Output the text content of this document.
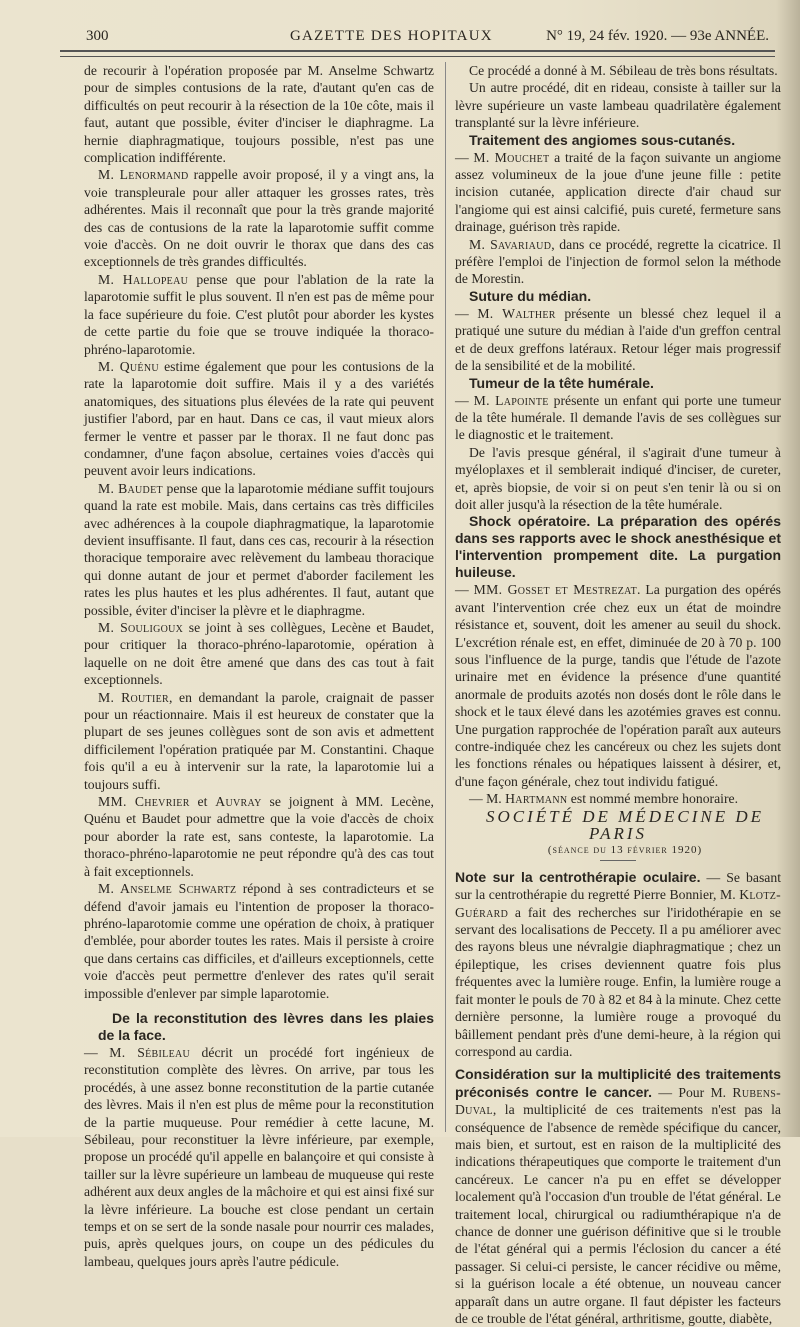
300	GAZETTE DES HOPITAUX	N° 19, 24 fév. 1920. — 93e ANNÉE.

de recourir à l'opération proposée par M. Anselme Schwartz pour de simples contusions de la rate, d'autant qu'en cas de difficultés on peut recourir à la résection de la 10e côte, mais il faut, autant que possible, éviter d'inciser le diaphragme. La hernie diaphragmatique, toujours possible, n'est pas une complication indifférente.

M. Lenormand rappelle avoir proposé, il y a vingt ans, la voie transpleurale pour aller attaquer les grosses rates, très adhérentes. Mais il reconnaît que pour la très grande majorité des cas de contusions de la rate la laparotomie suffit comme voie d'accès. On ne doit ouvrir le thorax que dans des cas exceptionnels de très grandes difficultés.

M. Hallopeau pense que pour l'ablation de la rate la laparotomie suffit le plus souvent. Il n'en est pas de même pour la face supérieure du foie. C'est plutôt pour aborder les kystes de cette partie du foie que se trouve indiquée la thoraco-phréno-laparotomie.

M. Quénu estime également que pour les contusions de la rate la laparotomie doit suffire. Mais il y a des variétés anatomiques, des situations plus élevées de la rate qui peuvent justifier l'abord, par en haut. Dans ce cas, il vaut mieux alors fermer le ventre et passer par le thorax. Il ne faut donc pas condamner, d'une façon absolue, certaines voies d'accès qui peuvent avoir leurs indications.

M. Baudet pense que la laparotomie médiane suffit toujours quand la rate est mobile. Mais, dans certains cas très difficiles avec adhérences à la coupole diaphragmatique, la laparotomie devient insuffisante. Il faut, dans ces cas, recourir à la résection thoracique temporaire avec relèvement du lambeau thoracique qui donne autant de jour et permet d'aborder facilement les rates les plus hautes et les plus adhérentes. Il faut, autant que possible, éviter d'inciser la plèvre et le diaphragme.

M. Souligoux se joint à ses collègues, Lecène et Baudet, pour critiquer la thoraco-phréno-laparotomie, opération à laquelle on ne doit être amené que dans des cas tout à fait exceptionnels.

M. Routier, en demandant la parole, craignait de passer pour un réactionnaire. Mais il est heureux de constater que la plupart de ses jeunes collègues sont de son avis et admettent difficilement l'opération pratiquée par M. Constantini. Chaque fois qu'il a eu à intervenir sur la rate, la laparotomie lui a toujours suffi.

MM. Chevrier et Auvray se joignent à MM. Lecène, Quénu et Baudet pour admettre que la voie d'accès de choix pour aborder la rate est, sans conteste, la laparotomie. La thoraco-phréno-laparotomie ne peut répondre qu'à des cas tout à fait exceptionnels.

M. Anselme Schwartz répond à ses contradicteurs et se défend d'avoir jamais eu l'intention de proposer la thoraco-phréno-laparotomie comme une opération de choix, à pratiquer d'emblée, pour aborder toutes les rates. Mais il persiste à croire que dans certains cas difficiles, et d'ailleurs exceptionnels, cette voie d'accès peut permettre d'enlever des rates qu'il serait impossible d'enlever par simple laparotomie.

De la reconstitution des lèvres dans les plaies de la face.

— M. Sébileau décrit un procédé fort ingénieux de reconstitution complète des lèvres. On arrive, par tous les procédés, à une assez bonne reconstitution de la partie cutanée des lèvres. Mais il n'en est plus de même pour la reconstitution de la partie muqueuse. Pour remédier à cette lacune, M. Sébileau, pour reconstituer la lèvre inférieure, par exemple, propose un procédé qu'il appelle en balançoire et qui consiste à tailler sur la lèvre supérieure un lambeau de muqueuse qui reste adhérent aux deux angles de la mâchoire et qui est ainsi fixé sur la lèvre inférieure. La bouche est close pendant un certain temps et on se sert de la sonde nasale pour nourrir ces malades, puis, après quelques jours, on coupe un des pédicules du lambeau, quelques jours après l'autre pédicule.

Ce procédé a donné à M. Sébileau de très bons résultats.

Un autre procédé, dit en rideau, consiste à tailler sur la lèvre supérieure un vaste lambeau quadrilatère également transplanté sur la lèvre inférieure.

Traitement des angiomes sous-cutanés.

— M. Mouchet a traité de la façon suivante un angiome assez volumineux de la joue d'une jeune fille : petite incision cutanée, application directe d'air chaud sur l'angiome qui est ainsi calcifié, puis cureté, fermeture sans drainage, guérison très rapide.

M. Savariaud, dans ce procédé, regrette la cicatrice. Il préfère l'emploi de l'injection de formol selon la méthode de Morestin.

Suture du médian.

— M. Walther présente un blessé chez lequel il a pratiqué une suture du médian à l'aide d'un greffon central et de deux greffons latéraux. Retour léger mais progressif de la sensibilité et de la mobilité.

Tumeur de la tête humérale.

— M. Lapointe présente un enfant qui porte une tumeur de la tête humérale. Il demande l'avis de ses collègues sur le diagnostic et le traitement.

De l'avis presque général, il s'agirait d'une tumeur à myéloplaxes et il semblerait indiqué d'inciser, de cureter, et, après biopsie, de voir si on peut s'en tenir là ou si on doit aller jusqu'à la résection de la tête humérale.

Shock opératoire. La préparation des opérés dans ses rapports avec le shock anesthésique et l'intervention prompement dite. La purgation huileuse.

— MM. Gosset et Mestrezat. La purgation des opérés avant l'intervention crée chez eux un état de moindre résistance et, souvent, doit les amener au seuil du shock. L'excrétion rénale est, en effet, diminuée de 20 à 70 p. 100 sous l'influence de la purge, tandis que l'étude de l'azote urinaire met en évidence la présence d'une quantité anormale de produits azotés non dosés dont le rôle dans le shock et le taux élevé dans les azotémies graves est connu. Une purgation rapprochée de l'opération paraît aux auteurs contre-indiquée chez les cancéreux ou chez les sujets dont les fonctions rénales ou hépatiques laissent à désirer, et, d'une façon générale, chez tout individu fatigué.

— M. Hartmann est nommé membre honoraire.

SOCIÉTÉ DE MÉDECINE DE PARIS

(séance du 13 février 1920)

Note sur la centrothérapie oculaire.

— Se basant sur la centrothérapie du regretté Pierre Bonnier, M. Klotz-Guérard a fait des recherches sur l'iridothérapie en se servant des localisations de Peccety. Il a pu améliorer avec des rayons bleus une névralgie diaphragmatique ; chez un épileptique, les crises deviennent quatre fois plus fréquentes avec la lumière rouge. Enfin, la lumière rouge a fait monter le pouls de 70 à 82 et 84 à la minute. Chez cette dernière personne, la lumière rouge a provoqué du bâillement pendant près d'une demi-heure, à la région qui correspond au cardia.

Considération sur la multiplicité des traitements préconisés contre le cancer.

— Pour M. Rubens-Duval, la multiplicité de ces traitements n'est pas la conséquence de l'absence de remède spécifique du cancer, mais bien, et surtout, est en raison de la multiplicité des indications thérapeutiques que comporte le traitement d'un cancéreux. Le cancer n'a pu en effet se développer localement qu'à l'occasion d'un trouble de l'état général. Le traitement local, chirurgical ou radiumthérapique n'a de chance de donner une guérison définitive que si le trouble de l'état général qui a permis l'éclosion du cancer a été passager. Si celui-ci persiste, le cancer récidive ou même, si la guérison locale a été obtenue, un nouveau cancer apparaît dans un autre organe. Il faut dépister les facteurs de ce trouble de l'état général, arthritisme, goutte, diabète,
